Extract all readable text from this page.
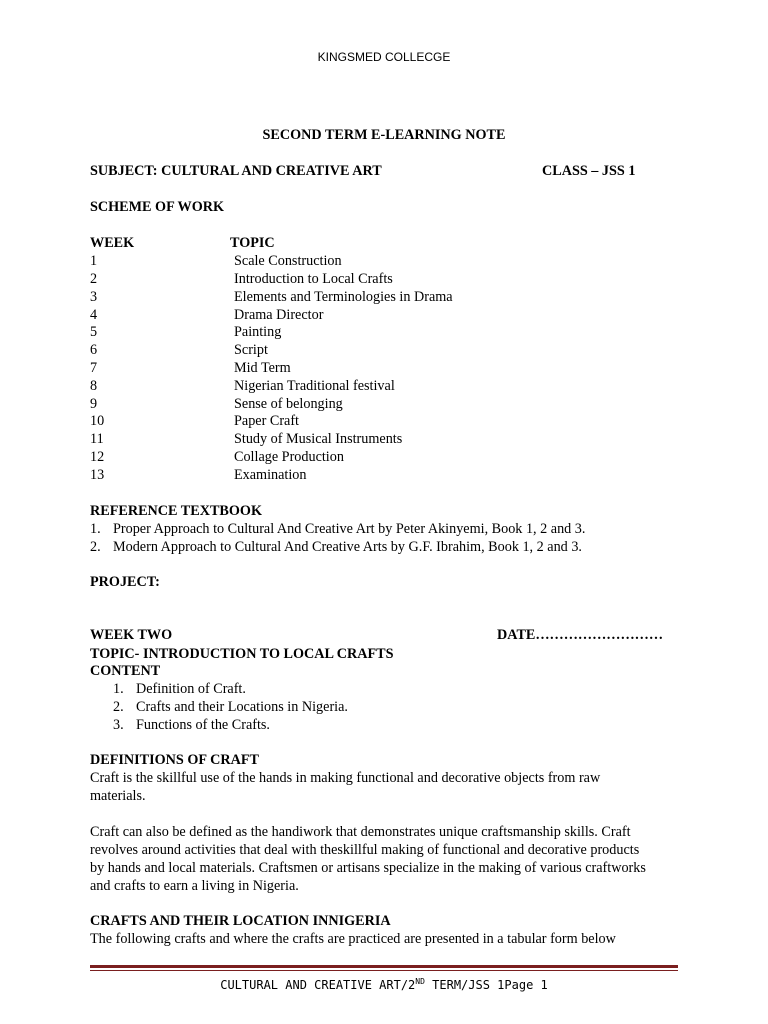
KINGSMED COLLECGE
SECOND TERM E-LEARNING NOTE
SUBJECT: CULTURAL AND CREATIVE ART	CLASS – JSS 1
SCHEME OF WORK
WEEK	TOPIC
1	Scale Construction
2	Introduction to Local Crafts
3	Elements and Terminologies in Drama
4	Drama Director
5	Painting
6	Script
7	Mid Term
8	Nigerian Traditional festival
9	Sense of belonging
10	Paper Craft
11	Study of Musical Instruments
12	Collage Production
13	Examination
REFERENCE TEXTBOOK
1. Proper Approach to Cultural And Creative Art by Peter Akinyemi, Book 1, 2 and 3.
2. Modern Approach to Cultural And Creative Arts by G.F. Ibrahim, Book 1, 2 and 3.
PROJECT:
WEEK TWO	DATE………………………
TOPIC- INTRODUCTION TO LOCAL CRAFTS
CONTENT
1. Definition of Craft.
2. Crafts and their Locations in Nigeria.
3. Functions of the Crafts.
DEFINITIONS OF CRAFT
Craft is the skillful use of the hands in making functional and decorative objects from raw materials.
Craft can also be defined as the handiwork that demonstrates unique craftsmanship skills. Craft revolves around activities that deal with theskillful making of functional and decorative products by hands and local materials. Craftsmen or artisans specialize in the making of various craftworks and crafts to earn a living in Nigeria.
CRAFTS AND THEIR LOCATION INNIGERIA
The following crafts and where the crafts are practiced are presented in a tabular form below
CULTURAL AND CREATIVE ART/2ND TERM/JSS 1Page 1
